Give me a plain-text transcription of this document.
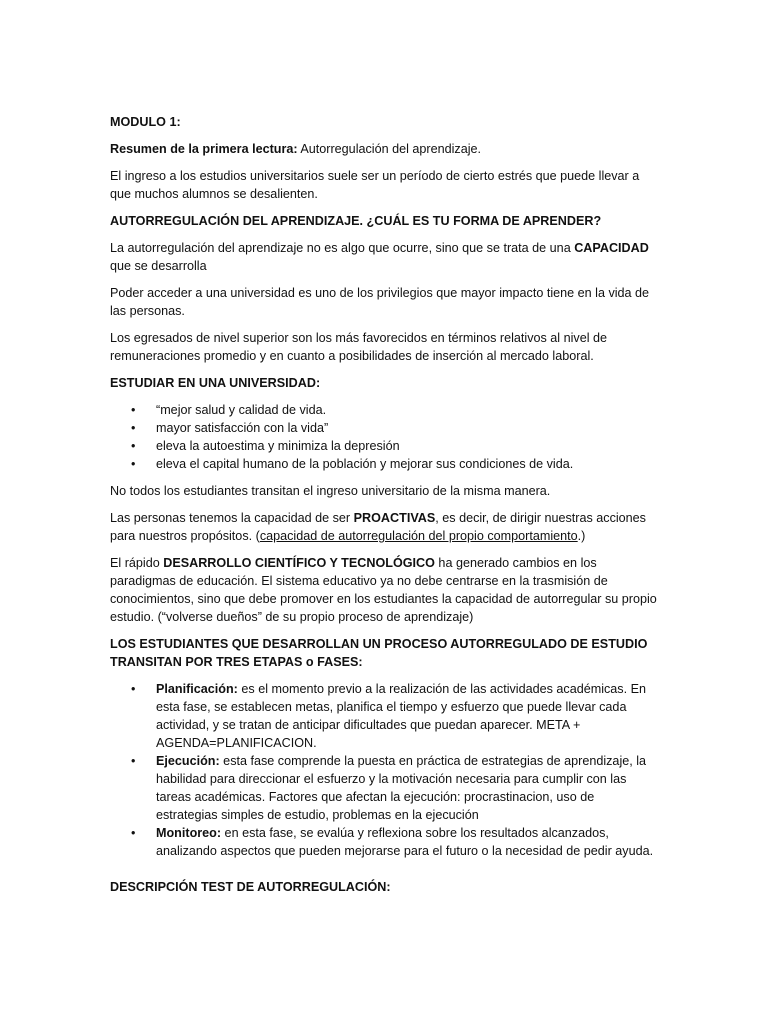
MODULO 1:

Resumen de la primera lectura: Autorregulación del aprendizaje.

El ingreso a los estudios universitarios suele ser un período de cierto estrés que puede llevar a que muchos alumnos se desalienten.

AUTORREGULACIÓN DEL APRENDIZAJE. ¿CUÁL ES TU FORMA DE APRENDER?

La autorregulación del aprendizaje no es algo que ocurre, sino que se trata de una CAPACIDAD que se desarrolla

Poder acceder a una universidad es uno de los privilegios que mayor impacto tiene en la vida de las personas.

Los egresados de nivel superior son los más favorecidos en términos relativos al nivel de remuneraciones promedio y en cuanto a posibilidades de inserción al mercado laboral.

ESTUDIAR EN UNA UNIVERSIDAD:

• “mejor salud y calidad de vida.
• mayor satisfacción con la vida”
• eleva la autoestima y minimiza la depresión
• eleva el capital humano de la población y mejorar sus condiciones de vida.

No todos los estudiantes transitan el ingreso universitario de la misma manera.

Las personas tenemos la capacidad de ser PROACTIVAS, es decir, de dirigir nuestras acciones para nuestros propósitos. (capacidad de autorregulación del propio comportamiento.)

El rápido DESARROLLO CIENTÍFICO Y TECNOLÓGICO ha generado cambios en los paradigmas de educación. El sistema educativo ya no debe centrarse en la trasmisión de conocimientos, sino que debe promover en los estudiantes la capacidad de autorregular su propio estudio. (“volverse dueños” de su propio proceso de aprendizaje)

LOS ESTUDIANTES QUE DESARROLLAN UN PROCESO AUTORREGULADO DE ESTUDIO TRANSITAN POR TRES ETAPAS o FASES:

• Planificación: es el momento previo a la realización de las actividades académicas. En esta fase, se establecen metas, planifica el tiempo y esfuerzo que puede llevar cada actividad, y se tratan de anticipar dificultades que puedan aparecer. META + AGENDA=PLANIFICACION.
• Ejecución: esta fase comprende la puesta en práctica de estrategias de aprendizaje, la habilidad para direccionar el esfuerzo y la motivación necesaria para cumplir con las tareas académicas. Factores que afectan la ejecución: procrastinacion, uso de estrategias simples de estudio, problemas en la ejecución
• Monitoreo: en esta fase, se evalúa y reflexiona sobre los resultados alcanzados, analizando aspectos que pueden mejorarse para el futuro o la necesidad de pedir ayuda.

DESCRIPCIÓN TEST DE AUTORREGULACIÓN:
